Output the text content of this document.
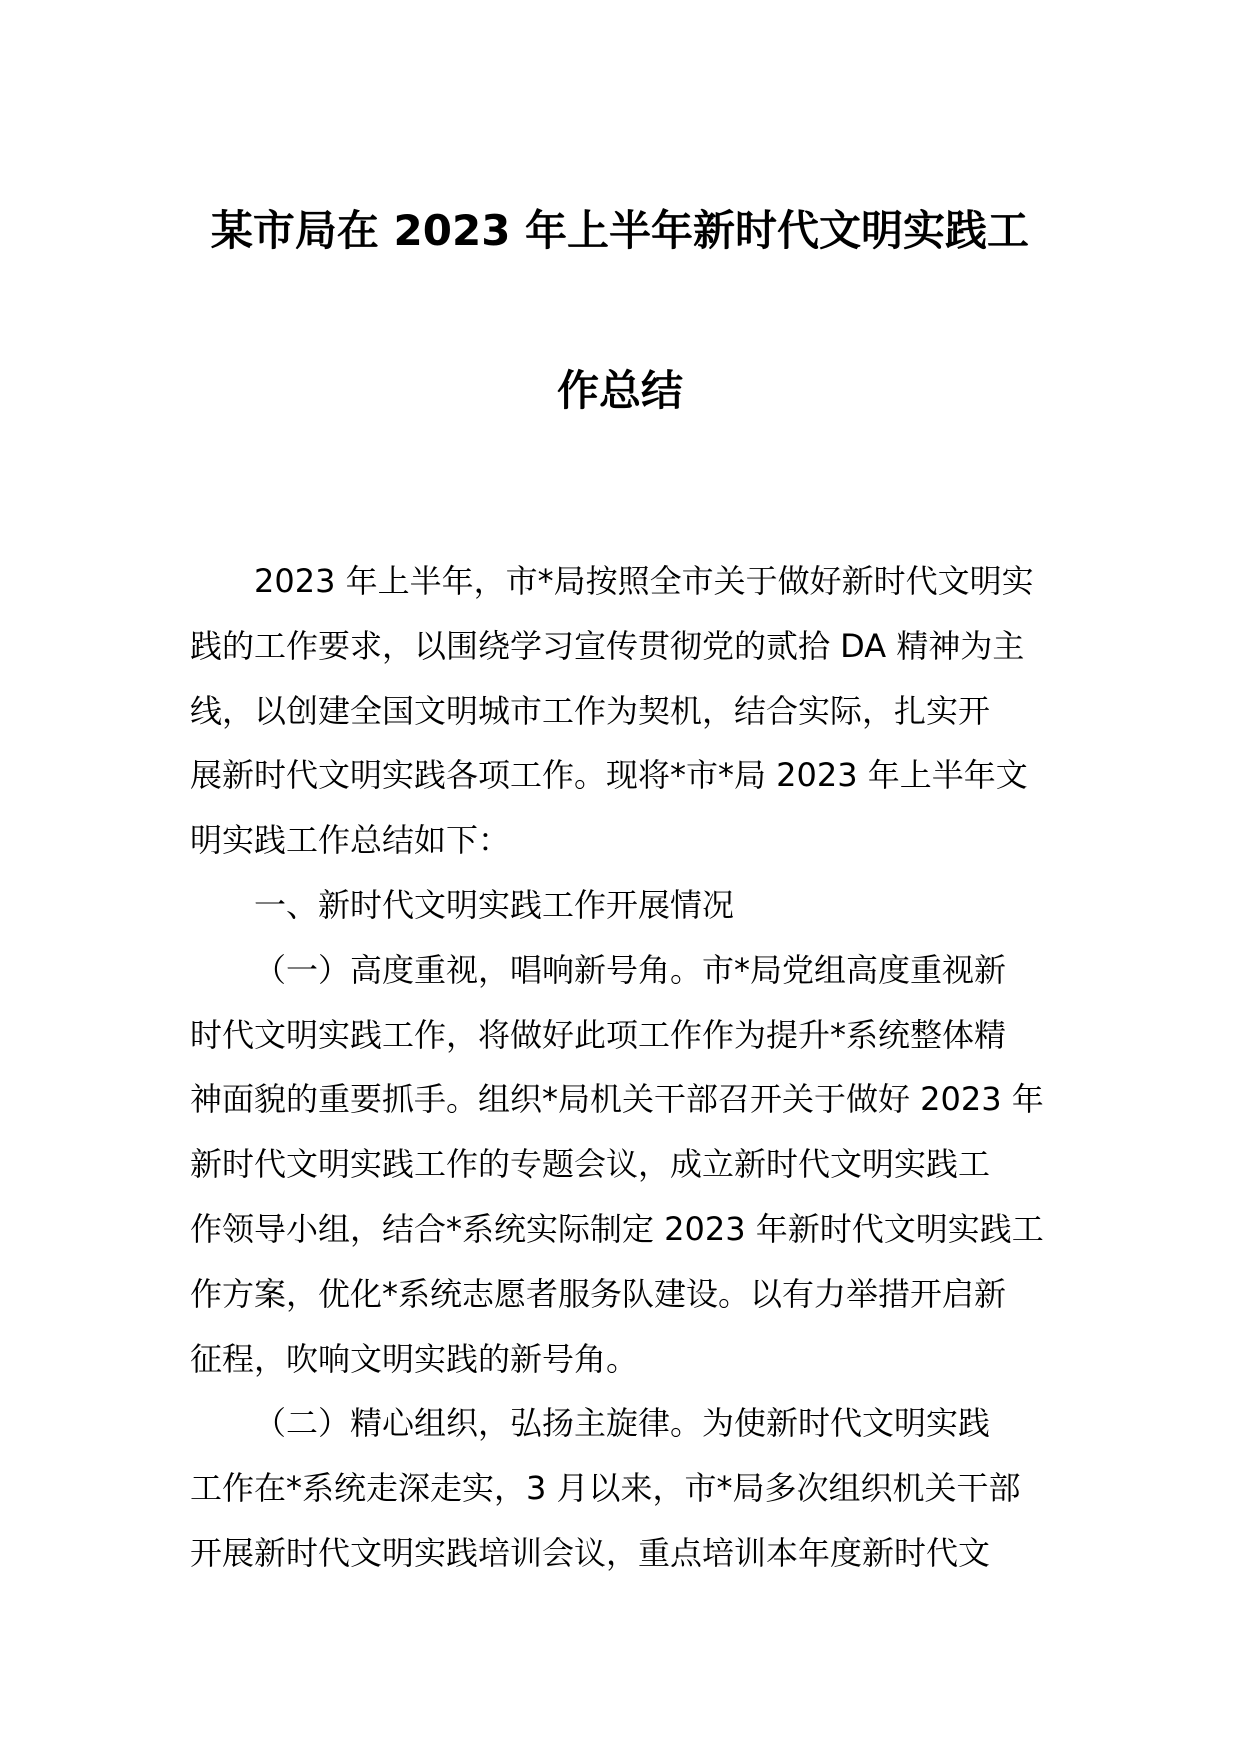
某市局在 2023 年上半年新时代文明实践工
作总结
2023 年上半年，市*局按照全市关于做好新时代文明实
践的工作要求，以围绕学习宣传贯彻党的贰拾 DA 精神为主
线，以创建全国文明城市工作为契机，结合实际，扎实开
展新时代文明实践各项工作。现将*市*局 2023 年上半年文
明实践工作总结如下：
一、新时代文明实践工作开展情况
（一）高度重视，唱响新号角。市*局党组高度重视新
时代文明实践工作，将做好此项工作作为提升*系统整体精
神面貌的重要抓手。组织*局机关干部召开关于做好 2023 年
新时代文明实践工作的专题会议，成立新时代文明实践工
作领导小组，结合*系统实际制定 2023 年新时代文明实践工
作方案，优化*系统志愿者服务队建设。以有力举措开启新
征程，吹响文明实践的新号角。
（二）精心组织，弘扬主旋律。为使新时代文明实践
工作在*系统走深走实，3 月以来，市*局多次组织机关干部
开展新时代文明实践培训会议，重点培训本年度新时代文
